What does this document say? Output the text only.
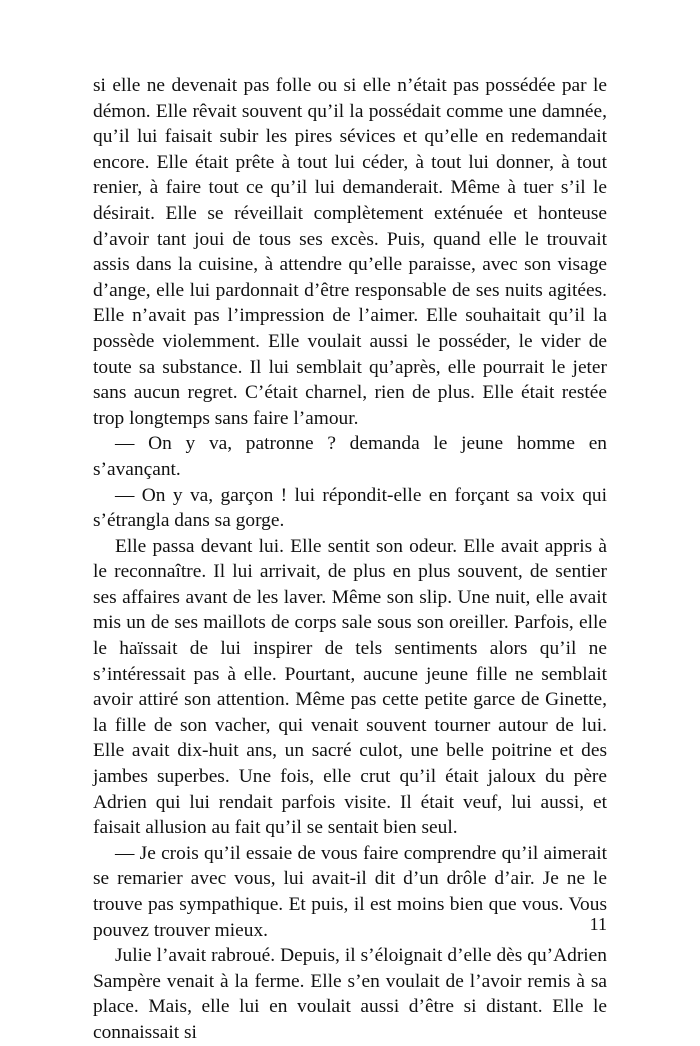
si elle ne devenait pas folle ou si elle n’était pas possédée par le démon. Elle rêvait souvent qu’il la possédait comme une damnée, qu’il lui faisait subir les pires sévices et qu’elle en redemandait encore. Elle était prête à tout lui céder, à tout lui donner, à tout renier, à faire tout ce qu’il lui demanderait. Même à tuer s’il le désirait. Elle se réveillait complètement exténuée et honteuse d’avoir tant joui de tous ses excès. Puis, quand elle le trouvait assis dans la cuisine, à attendre qu’elle paraisse, avec son visage d’ange, elle lui pardonnait d’être responsable de ses nuits agitées. Elle n’avait pas l’impression de l’aimer. Elle souhaitait qu’il la possède violemment. Elle voulait aussi le posséder, le vider de toute sa substance. Il lui semblait qu’après, elle pourrait le jeter sans aucun regret. C’était charnel, rien de plus. Elle était restée trop longtemps sans faire l’amour.

— On y va, patronne ? demanda le jeune homme en s’avançant.

— On y va, garçon ! lui répondit-elle en forçant sa voix qui s’étrangla dans sa gorge.

Elle passa devant lui. Elle sentit son odeur. Elle avait appris à le reconnaître. Il lui arrivait, de plus en plus souvent, de sentier ses affaires avant de les laver. Même son slip. Une nuit, elle avait mis un de ses maillots de corps sale sous son oreiller. Parfois, elle le haïssait de lui inspirer de tels sentiments alors qu’il ne s’intéressait pas à elle. Pourtant, aucune jeune fille ne semblait avoir attiré son attention. Même pas cette petite garce de Ginette, la fille de son vacher, qui venait souvent tourner autour de lui. Elle avait dix-huit ans, un sacré culot, une belle poitrine et des jambes superbes. Une fois, elle crut qu’il était jaloux du père Adrien qui lui rendait parfois visite. Il était veuf, lui aussi, et faisait allusion au fait qu’il se sentait bien seul.

— Je crois qu’il essaie de vous faire comprendre qu’il aimerait se remarier avec vous, lui avait-il dit d’un drôle d’air. Je ne le trouve pas sympathique. Et puis, il est moins bien que vous. Vous pouvez trouver mieux.

Julie l’avait rabroué. Depuis, il s’éloignait d’elle dès qu’Adrien Sampère venait à la ferme. Elle s’en voulait de l’avoir remis à sa place. Mais, elle lui en voulait aussi d’être si distant. Elle le connaissait si

11
